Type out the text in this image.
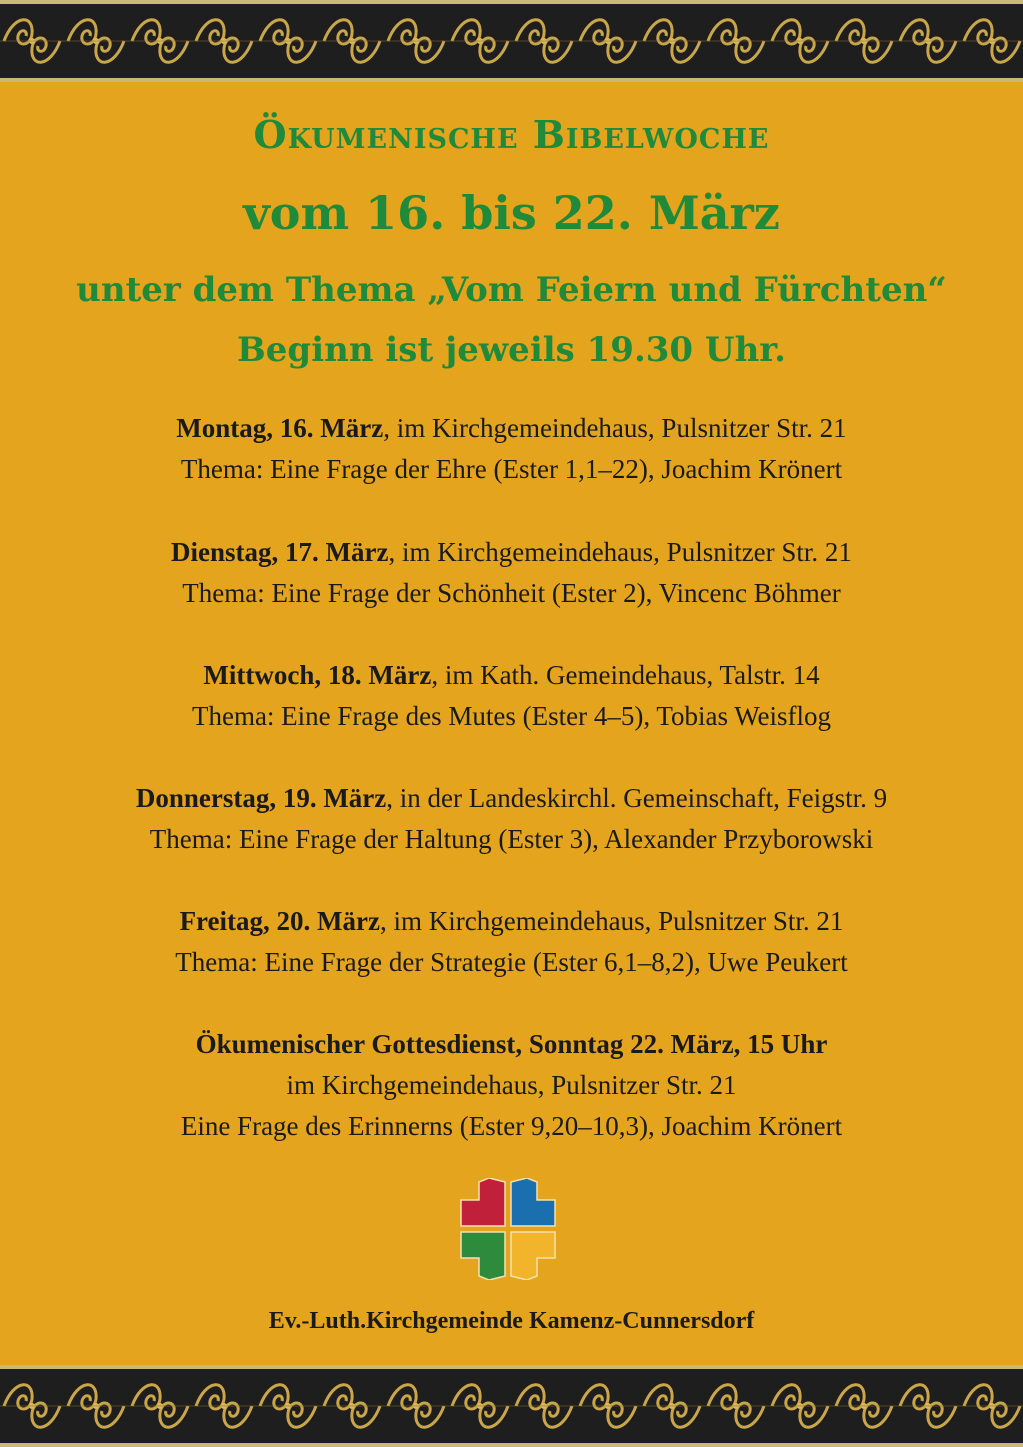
Ökumenische Bibelwoche
vom 16. bis 22. März
unter dem Thema „Vom Feiern und Fürchten“
Beginn ist jeweils 19.30 Uhr.
Montag, 16. März, im Kirchgemeindehaus, Pulsnitzer Str. 21
Thema: Eine Frage der Ehre (Ester 1,1–22), Joachim Krönert
Dienstag, 17. März, im Kirchgemeindehaus, Pulsnitzer Str. 21
Thema: Eine Frage der Schönheit (Ester 2), Vincenc Böhmer
Mittwoch, 18. März, im Kath. Gemeindehaus, Talstr. 14
Thema: Eine Frage des Mutes (Ester 4–5), Tobias Weisflog
Donnerstag, 19. März, in der Landeskirchl. Gemeinschaft, Feigstr. 9
Thema: Eine Frage der Haltung (Ester 3), Alexander Przyborowski
Freitag, 20. März, im Kirchgemeindehaus, Pulsnitzer Str. 21
Thema: Eine Frage der Strategie (Ester 6,1–8,2), Uwe Peukert
Ökumenischer Gottesdienst, Sonntag 22. März, 15 Uhr
im Kirchgemeindehaus, Pulsnitzer Str. 21
Eine Frage des Erinnerns (Ester 9,20–10,3), Joachim Krönert
Ev.-Luth.Kirchgemeinde Kamenz-Cunnersdorf
